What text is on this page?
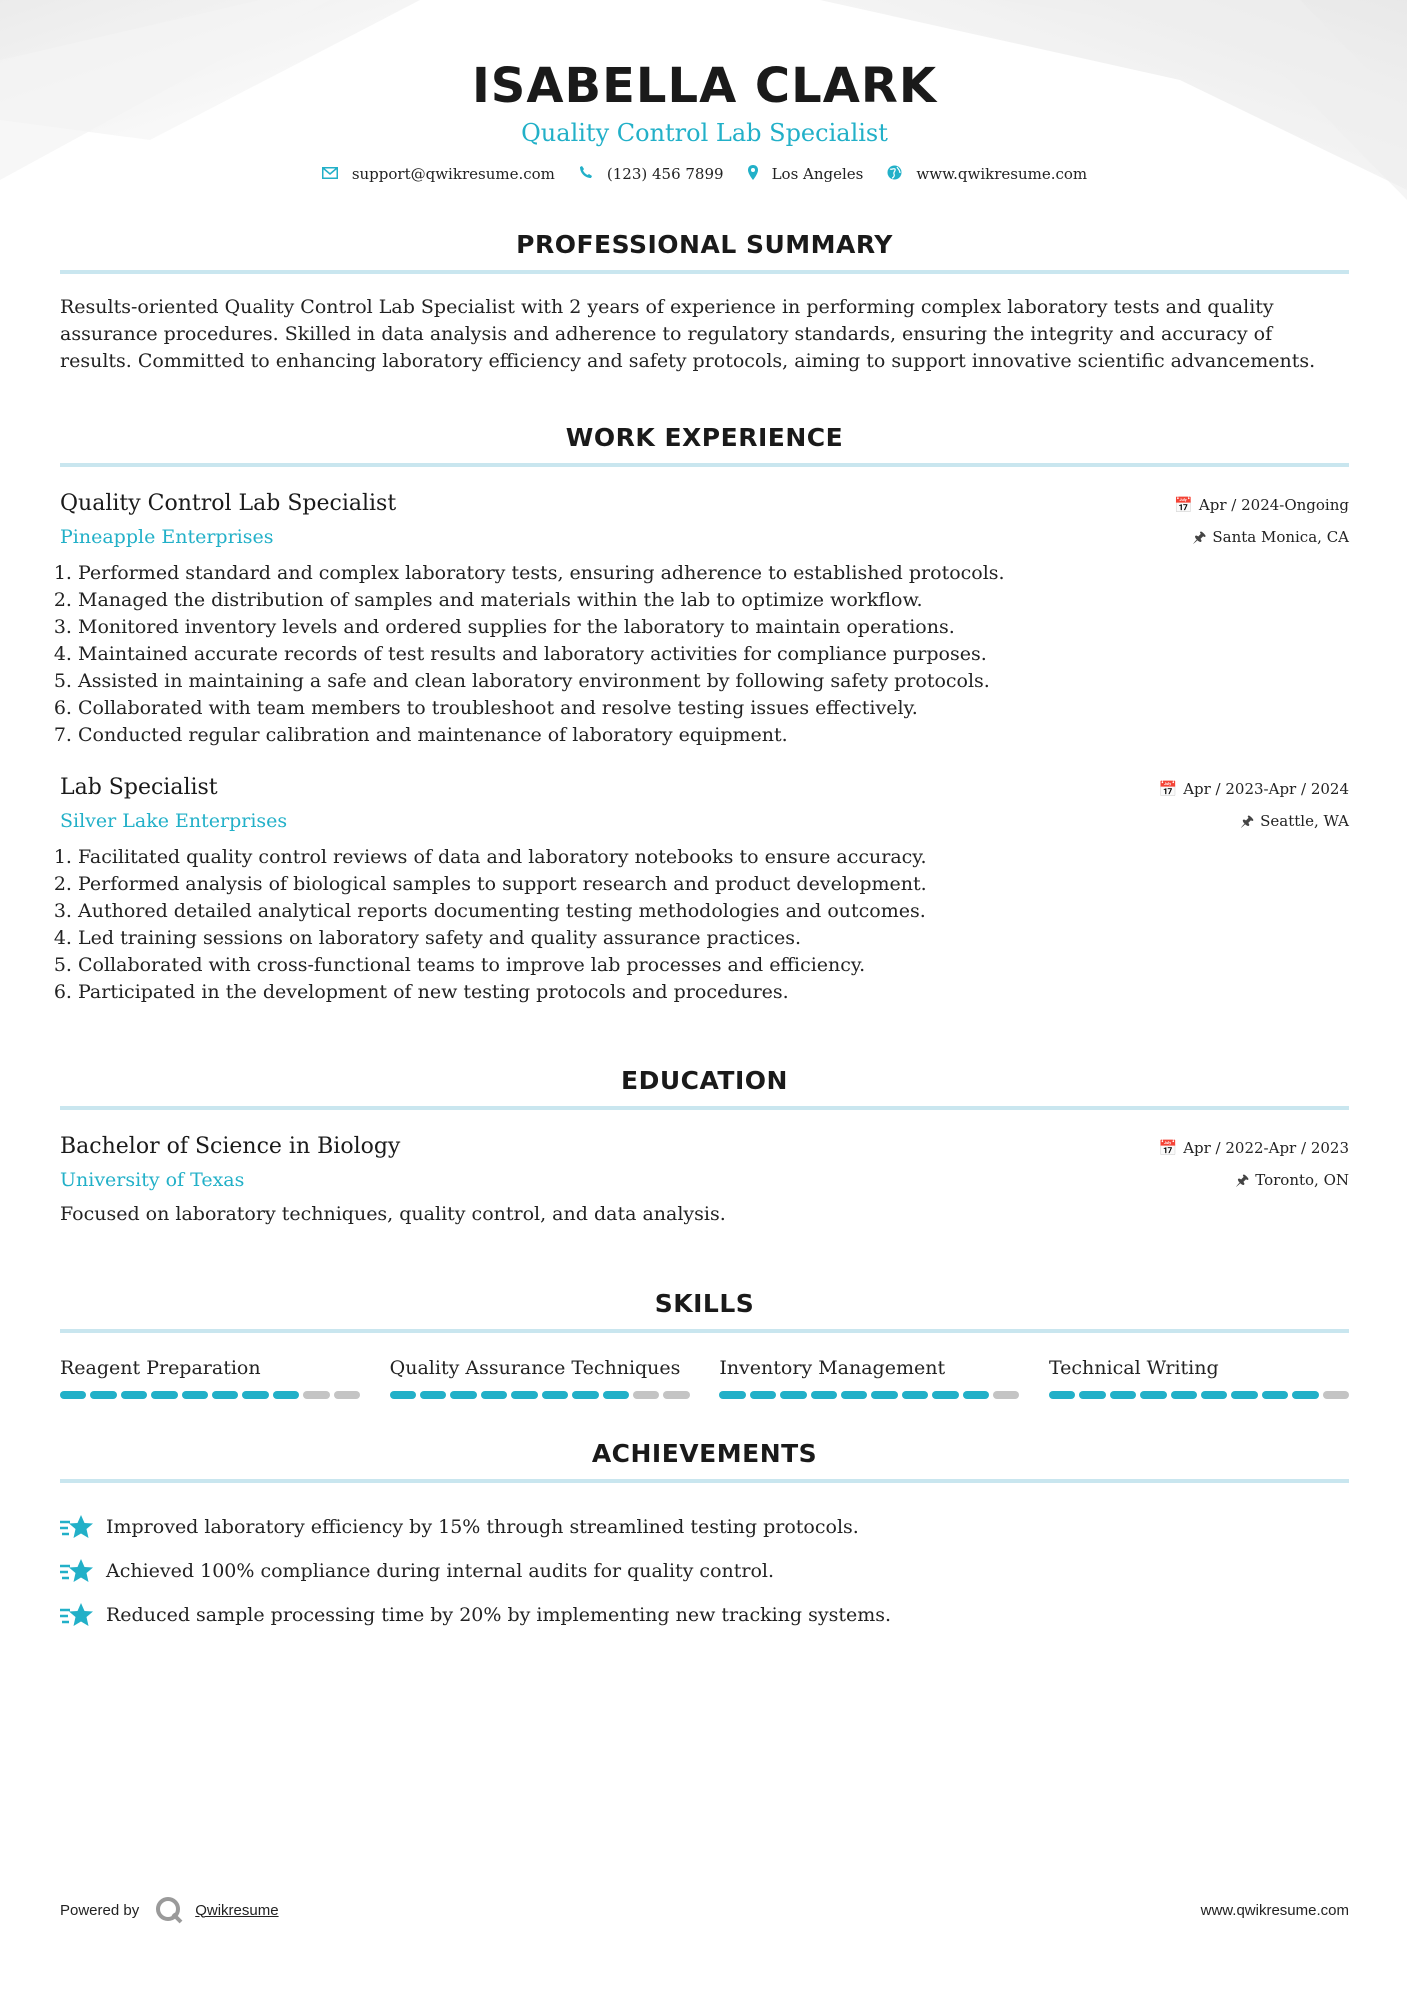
ISABELLA CLARK
Quality Control Lab Specialist
support@qwikresume.com	(123) 456 7899	Los Angeles	www.qwikresume.com
PROFESSIONAL SUMMARY
Results-oriented Quality Control Lab Specialist with 2 years of experience in performing complex laboratory tests and quality assurance procedures. Skilled in data analysis and adherence to regulatory standards, ensuring the integrity and accuracy of results. Committed to enhancing laboratory efficiency and safety protocols, aiming to support innovative scientific advancements.
WORK EXPERIENCE
Quality Control Lab Specialist
Pineapple Enterprises
📅 Apr / 2024-Ongoing
🖈 Santa Monica, CA
1. Performed standard and complex laboratory tests, ensuring adherence to established protocols.
2. Managed the distribution of samples and materials within the lab to optimize workflow.
3. Monitored inventory levels and ordered supplies for the laboratory to maintain operations.
4. Maintained accurate records of test results and laboratory activities for compliance purposes.
5. Assisted in maintaining a safe and clean laboratory environment by following safety protocols.
6. Collaborated with team members to troubleshoot and resolve testing issues effectively.
7. Conducted regular calibration and maintenance of laboratory equipment.
Lab Specialist
Silver Lake Enterprises
📅 Apr / 2023-Apr / 2024
🖈 Seattle, WA
1. Facilitated quality control reviews of data and laboratory notebooks to ensure accuracy.
2. Performed analysis of biological samples to support research and product development.
3. Authored detailed analytical reports documenting testing methodologies and outcomes.
4. Led training sessions on laboratory safety and quality assurance practices.
5. Collaborated with cross-functional teams to improve lab processes and efficiency.
6. Participated in the development of new testing protocols and procedures.
EDUCATION
Bachelor of Science in Biology
University of Texas
📅 Apr / 2022-Apr / 2023
🖈 Toronto, ON
Focused on laboratory techniques, quality control, and data analysis.
SKILLS
Reagent Preparation	Quality Assurance Techniques	Inventory Management	Technical Writing
ACHIEVEMENTS
Improved laboratory efficiency by 15% through streamlined testing protocols.
Achieved 100% compliance during internal audits for quality control.
Reduced sample processing time by 20% by implementing new tracking systems.
Powered by	Qwikresume	www.qwikresume.com
